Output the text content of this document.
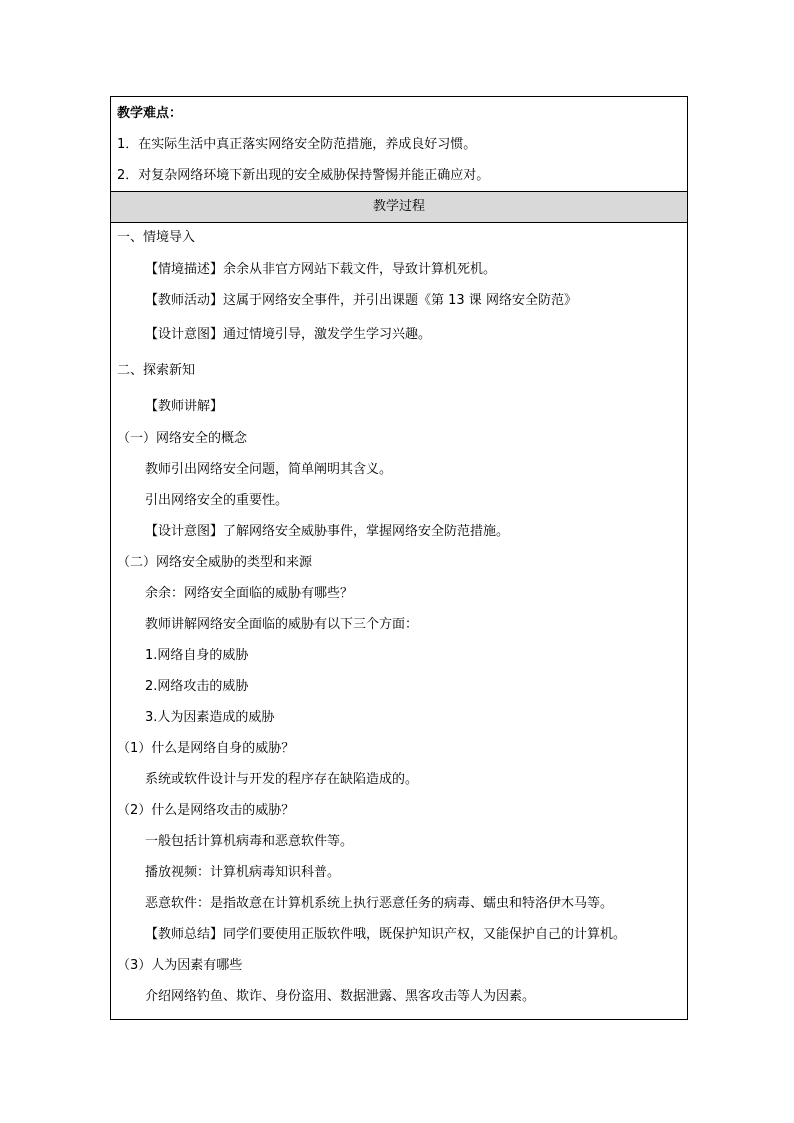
教学难点：
1．在实际生活中真正落实网络安全防范措施，养成良好习惯。
2．对复杂网络环境下新出现的安全威胁保持警惕并能正确应对。
教学过程
一、情境导入
【情境描述】余余从非官方网站下载文件，导致计算机死机。
【教师活动】这属于网络安全事件，并引出课题《第 13 课 网络安全防范》
【设计意图】通过情境引导，激发学生学习兴趣。
二、探索新知
【教师讲解】
（一）网络安全的概念
教师引出网络安全问题，简单阐明其含义。
引出网络安全的重要性。
【设计意图】了解网络安全威胁事件，掌握网络安全防范措施。
（二）网络安全威胁的类型和来源
余余：网络安全面临的威胁有哪些？
教师讲解网络安全面临的威胁有以下三个方面：
1.网络自身的威胁
2.网络攻击的威胁
3.人为因素造成的威胁
（1）什么是网络自身的威胁？
系统或软件设计与开发的程序存在缺陷造成的。
（2）什么是网络攻击的威胁？
一般包括计算机病毒和恶意软件等。
播放视频：计算机病毒知识科普。
恶意软件：是指故意在计算机系统上执行恶意任务的病毒、蠕虫和特洛伊木马等。
【教师总结】同学们要使用正版软件哦，既保护知识产权，又能保护自己的计算机。
（3）人为因素有哪些
介绍网络钓鱼、欺诈、身份盗用、数据泄露、黑客攻击等人为因素。
